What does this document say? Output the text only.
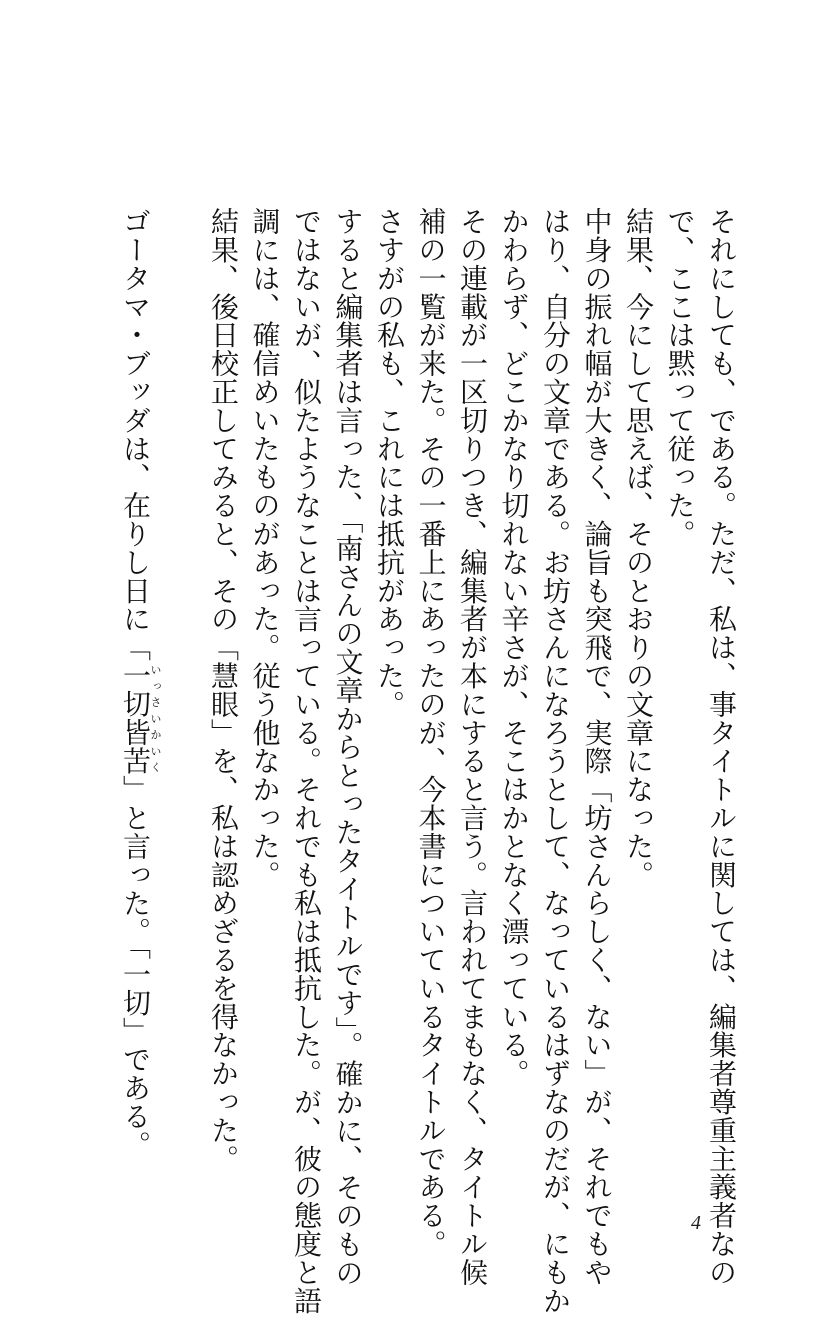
それにしても、である。ただ、私は、事タイトルに関しては、編集者尊重主義者なの
で、ここは黙って従った。
結果、今にして思えば、そのとおりの文章になった。
中身の振れ幅が大きく、論旨も突飛で、実際「坊さんらしく、ない」が、それでもや
はり、自分の文章である。お坊さんになろうとして、なっているはずなのだが、にもか
かわらず、どこかなり切れない辛さが、そこはかとなく漂っている。
その連載が一区切りつき、編集者が本にすると言う。言われてまもなく、タイトル候
補の一覧が来た。その一番上にあったのが、今本書についているタイトルである。
さすがの私も、これには抵抗があった。
すると編集者は言った、「南さんの文章からとったタイトルです」。確かに、そのもの
ではないが、似たようなことは言っている。それでも私は抵抗した。が、彼の態度と語
調には、確信めいたものがあった。従う他なかった。
結果、後日校正してみると、その「慧眼」を、私は認めざるを得なかった。
ゴータマ・ブッダは、在りし日に「一切皆苦いっさいかいく」と言った。「一切」である。
4
